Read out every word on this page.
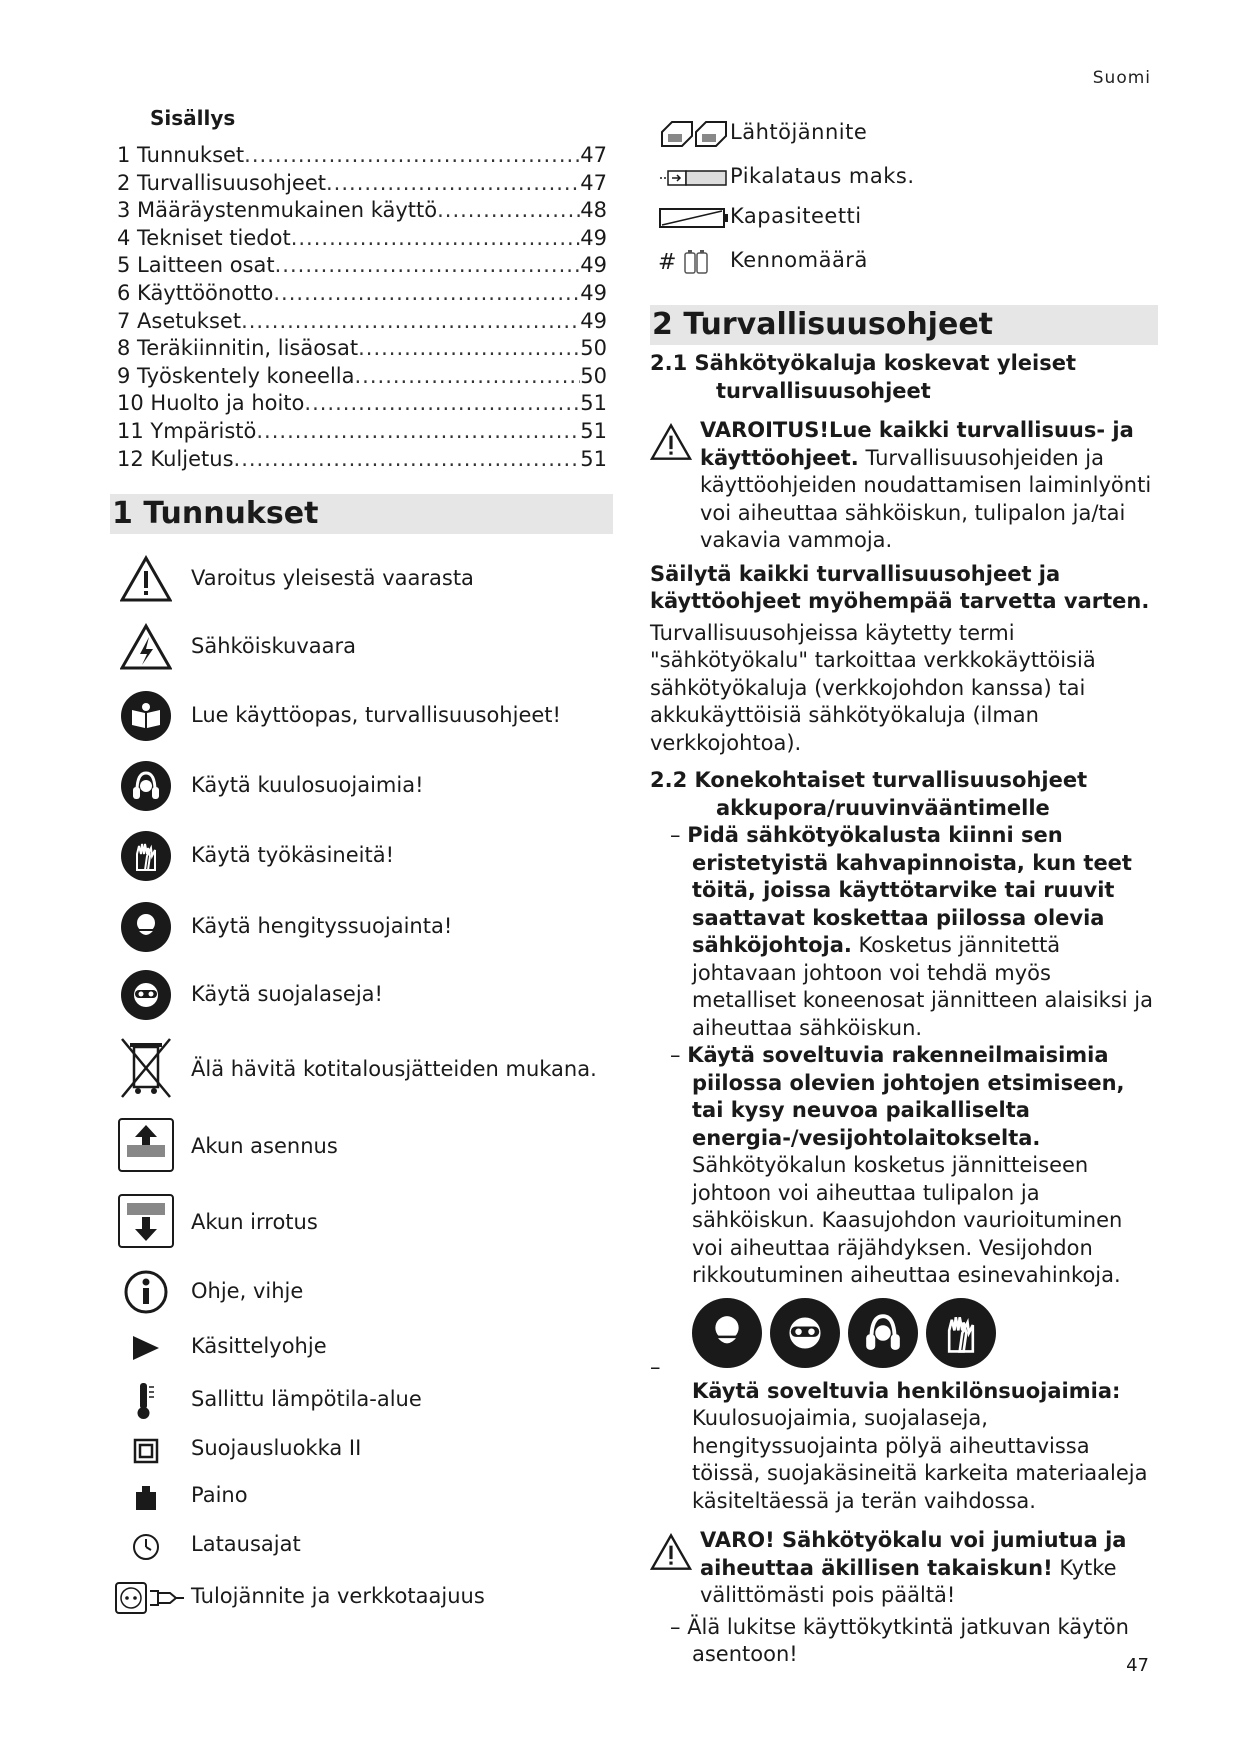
Suomi
Sisällys
1 Tunnukset .....	47
2 Turvallisuusohjeet .....	47
3 Määräystenmukainen käyttö .....	48
4 Tekniset tiedot .....	49
5 Laitteen osat .....	49
6 Käyttöönotto .....	49
7 Asetukset .....	49
8 Teräkiinnitin, lisäosat .....	50
9 Työskentely koneella .....	50
10 Huolto ja hoito .....	51
11 Ympäristö .....	51
12 Kuljetus .....	51
1 Tunnukset
Varoitus yleisestä vaarasta
Sähköiskuvaara
Lue käyttöopas, turvallisuusohjeet!
Käytä kuulosuojaimia!
Käytä työkäsineitä!
Käytä hengityssuojainta!
Käytä suojalaseja!
Älä hävitä kotitalousjätteiden mukana.
Akun asennus
Akun irrotus
Ohje, vihje
Käsittelyohje
Sallittu lämpötila-alue
Suojausluokka II
Paino
Latausajat
Tulojännite ja verkkotaajuus
Lähtöjännite
Pikalataus maks.
Kapasiteetti
#	Kennomäärä
2 Turvallisuusohjeet

2.1 Sähkötyökaluja koskevat yleiset
turvallisuusohjeet

VAROITUS!Lue kaikki turvallisuus- ja käyttöohjeet. Turvallisuusohjeiden ja käyttöohjeiden noudattamisen laiminlyönti voi aiheuttaa sähköiskun, tulipalon ja/tai vakavia vammoja.

Säilytä kaikki turvallisuusohjeet ja käyttöohjeet myöhempää tarvetta varten.

Turvallisuusohjeissa käytetty termi "sähkötyökalu" tarkoittaa verkkokäyttöisiä sähkötyökaluja (verkkojohdon kanssa) tai akkukäyttöisiä sähkötyökaluja (ilman verkkojohtoa).

2.2 Konekohtaiset turvallisuusohjeet
akkupora/ruuvinvääntimelle

– Pidä sähkötyökalusta kiinni sen eristetyistä kahvapinnoista, kun teet töitä, joissa käyttötarvike tai ruuvit saattavat koskettaa piilossa olevia sähköjohtoja. Kosketus jännitettä johtavaan johtoon voi tehdä myös metalliset koneenosat jännitteen alaisiksi ja aiheuttaa sähköiskun.

– Käytä soveltuvia rakenneilmaisimia piilossa olevien johtojen etsimiseen, tai kysy neuvoa paikalliselta energia-/vesijohtolaitokselta. Sähkötyökalun kosketus jännitteiseen johtoon voi aiheuttaa tulipalon ja sähköiskun. Kaasujohdon vaurioituminen voi aiheuttaa räjähdyksen. Vesijohdon rikkoutuminen aiheuttaa esinevahinkoja.

–

Käytä soveltuvia henkilönsuojaimia: Kuulosuojaimia, suojalaseja, hengityssuojainta pölyä aiheuttavissa töissä, suojakäsineitä karkeita materiaaleja käsiteltäessä ja terän vaihdossa.

VARO! Sähkötyökalu voi jumiutua ja aiheuttaa äkillisen takaiskun! Kytke välittömästi pois päältä!

– Älä lukitse käyttökytkintä jatkuvan käytön asentoon!	47
